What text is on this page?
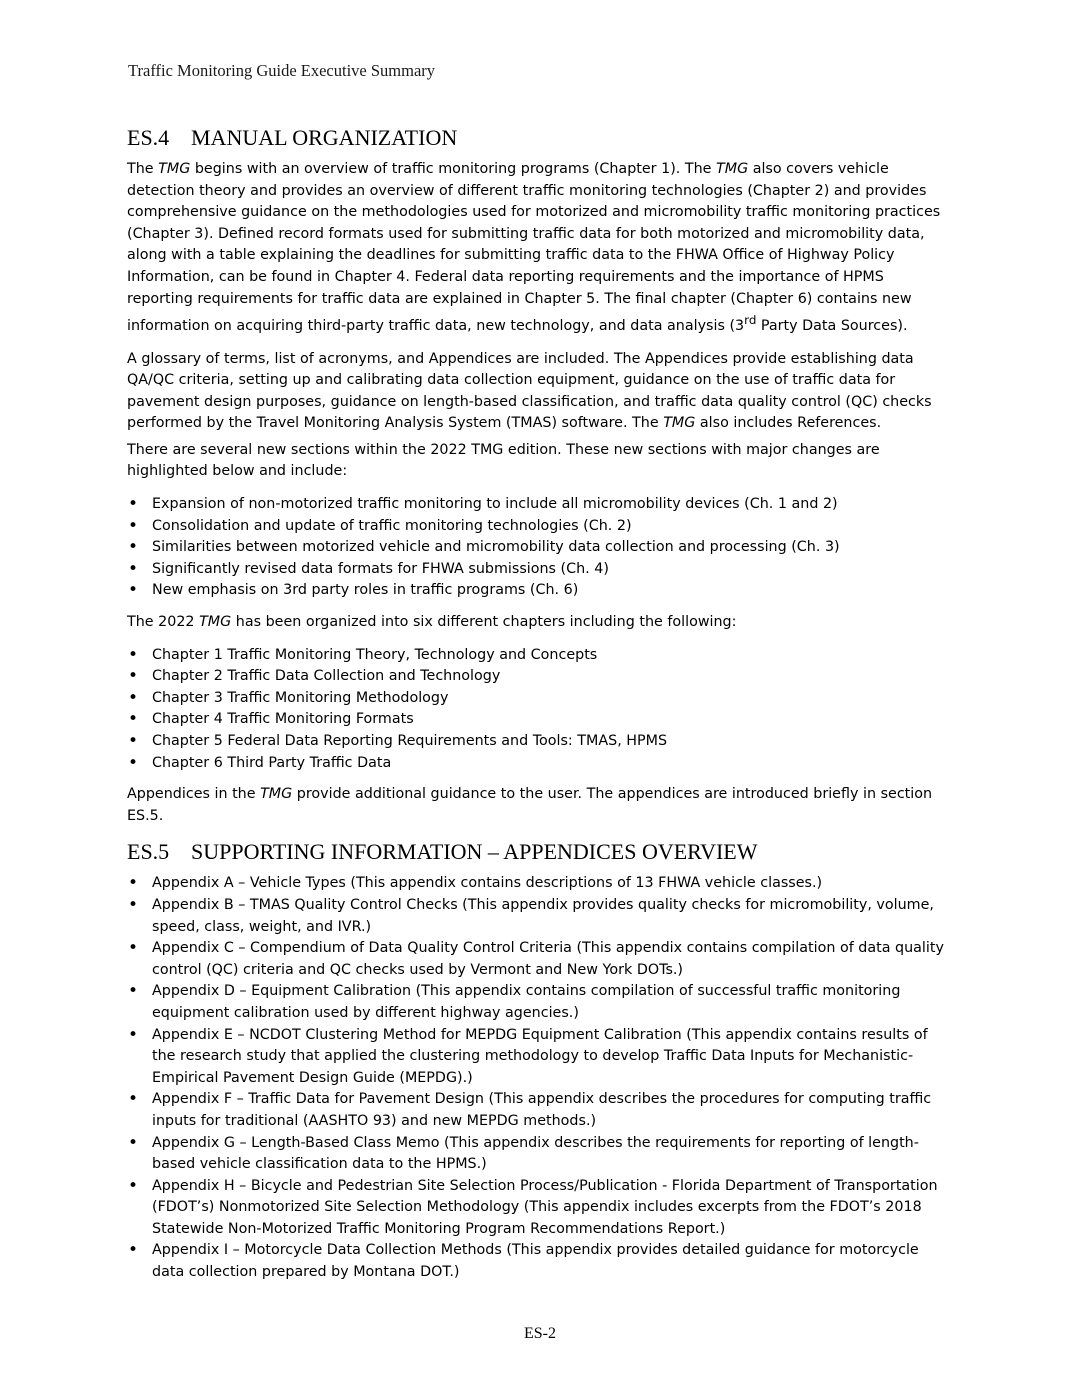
Traffic Monitoring Guide Executive Summary
ES.4 MANUAL ORGANIZATION

The TMG begins with an overview of traffic monitoring programs (Chapter 1). The TMG also covers vehicle detection theory and provides an overview of different traffic monitoring technologies (Chapter 2) and provides comprehensive guidance on the methodologies used for motorized and micromobility traffic monitoring practices (Chapter 3). Defined record formats used for submitting traffic data for both motorized and micromobility data, along with a table explaining the deadlines for submitting traffic data to the FHWA Office of Highway Policy Information, can be found in Chapter 4. Federal data reporting requirements and the importance of HPMS reporting requirements for traffic data are explained in Chapter 5. The final chapter (Chapter 6) contains new information on acquiring third-party traffic data, new technology, and data analysis (3rd Party Data Sources).

A glossary of terms, list of acronyms, and Appendices are included. The Appendices provide establishing data QA/QC criteria, setting up and calibrating data collection equipment, guidance on the use of traffic data for pavement design purposes, guidance on length-based classification, and traffic data quality control (QC) checks performed by the Travel Monitoring Analysis System (TMAS) software. The TMG also includes References.

There are several new sections within the 2022 TMG edition. These new sections with major changes are highlighted below and include:

• Expansion of non-motorized traffic monitoring to include all micromobility devices (Ch. 1 and 2)
• Consolidation and update of traffic monitoring technologies (Ch. 2)
• Similarities between motorized vehicle and micromobility data collection and processing (Ch. 3)
• Significantly revised data formats for FHWA submissions (Ch. 4)
• New emphasis on 3rd party roles in traffic programs (Ch. 6)

The 2022 TMG has been organized into six different chapters including the following:

• Chapter 1 Traffic Monitoring Theory, Technology and Concepts
• Chapter 2 Traffic Data Collection and Technology
• Chapter 3 Traffic Monitoring Methodology
• Chapter 4 Traffic Monitoring Formats
• Chapter 5 Federal Data Reporting Requirements and Tools: TMAS, HPMS
• Chapter 6 Third Party Traffic Data

Appendices in the TMG provide additional guidance to the user. The appendices are introduced briefly in section ES.5.

ES.5 SUPPORTING INFORMATION – APPENDICES OVERVIEW
• Appendix A – Vehicle Types (This appendix contains descriptions of 13 FHWA vehicle classes.)
• Appendix B – TMAS Quality Control Checks (This appendix provides quality checks for micromobility, volume, speed, class, weight, and IVR.)
• Appendix C – Compendium of Data Quality Control Criteria (This appendix contains compilation of data quality control (QC) criteria and QC checks used by Vermont and New York DOTs.)
• Appendix D – Equipment Calibration (This appendix contains compilation of successful traffic monitoring equipment calibration used by different highway agencies.)
• Appendix E – NCDOT Clustering Method for MEPDG Equipment Calibration (This appendix contains results of the research study that applied the clustering methodology to develop Traffic Data Inputs for Mechanistic-Empirical Pavement Design Guide (MEPDG).)
• Appendix F – Traffic Data for Pavement Design (This appendix describes the procedures for computing traffic inputs for traditional (AASHTO 93) and new MEPDG methods.)
• Appendix G – Length-Based Class Memo (This appendix describes the requirements for reporting of length-based vehicle classification data to the HPMS.)
• Appendix H – Bicycle and Pedestrian Site Selection Process/Publication - Florida Department of Transportation (FDOT’s) Nonmotorized Site Selection Methodology (This appendix includes excerpts from the FDOT’s 2018 Statewide Non-Motorized Traffic Monitoring Program Recommendations Report.)
• Appendix I – Motorcycle Data Collection Methods (This appendix provides detailed guidance for motorcycle data collection prepared by Montana DOT.)
ES-2
